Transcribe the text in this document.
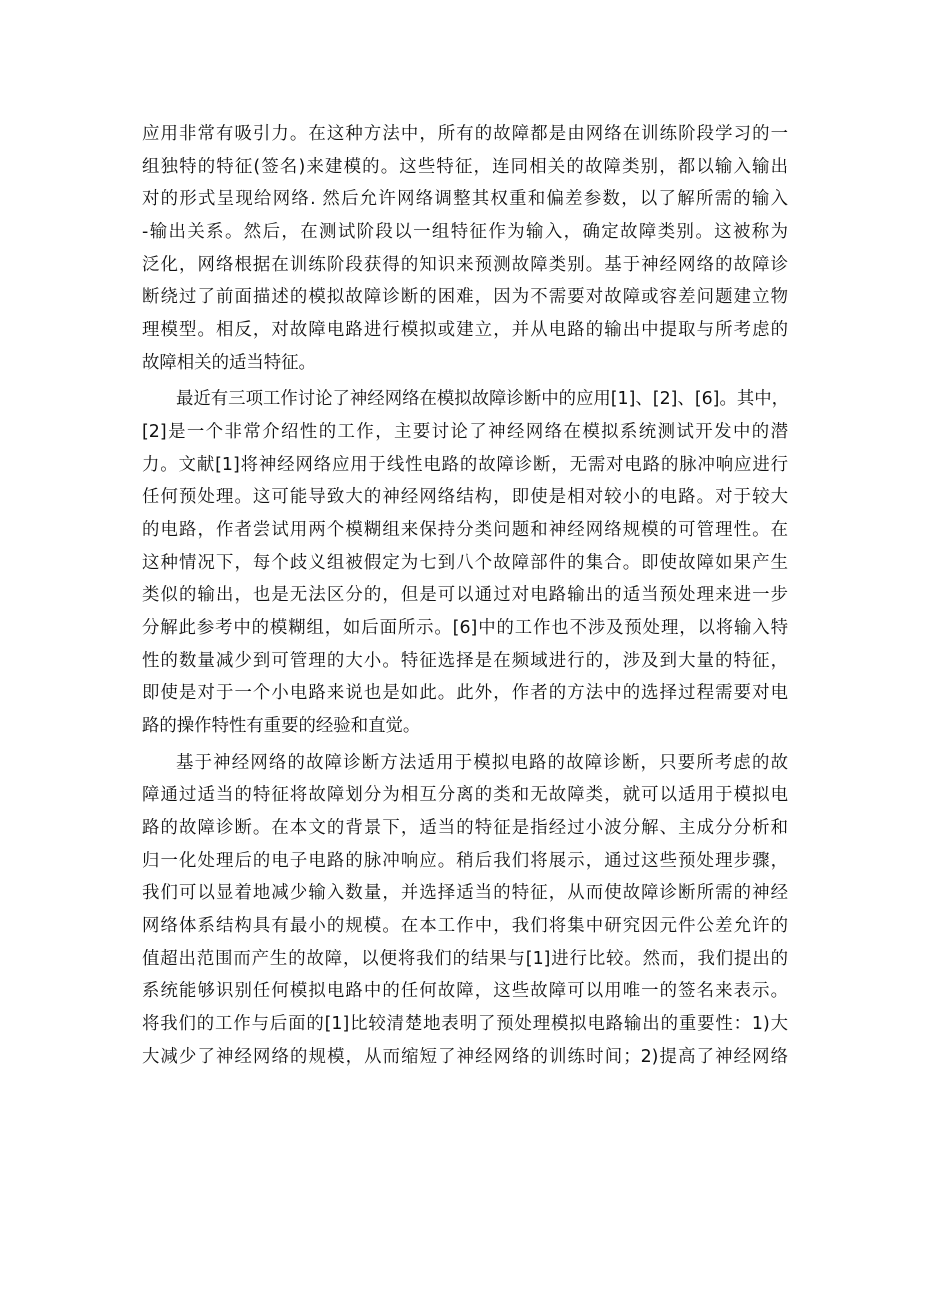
应用非常有吸引力。在这种方法中，所有的故障都是由网络在训练阶段学习的一
组独特的特征(签名)来建模的。这些特征，连同相关的故障类别，都以输入输出
对的形式呈现给网络. 然后允许网络调整其权重和偏差参数，以了解所需的输入
-输出关系。然后，在测试阶段以一组特征作为输入，确定故障类别。这被称为
泛化，网络根据在训练阶段获得的知识来预测故障类别。基于神经网络的故障诊
断绕过了前面描述的模拟故障诊断的困难，因为不需要对故障或容差问题建立物
理模型。相反，对故障电路进行模拟或建立，并从电路的输出中提取与所考虑的
故障相关的适当特征。
最近有三项工作讨论了神经网络在模拟故障诊断中的应用[1]、[2]、[6]。其中，
[2]是一个非常介绍性的工作，主要讨论了神经网络在模拟系统测试开发中的潜
力。文献[1]将神经网络应用于线性电路的故障诊断，无需对电路的脉冲响应进行
任何预处理。这可能导致大的神经网络结构，即使是相对较小的电路。对于较大
的电路，作者尝试用两个模糊组来保持分类问题和神经网络规模的可管理性。在
这种情况下，每个歧义组被假定为七到八个故障部件的集合。即使故障如果产生
类似的输出，也是无法区分的，但是可以通过对电路输出的适当预处理来进一步
分解此参考中的模糊组，如后面所示。[6]中的工作也不涉及预处理，以将输入特
性的数量减少到可管理的大小。特征选择是在频域进行的，涉及到大量的特征，
即使是对于一个小电路来说也是如此。此外，作者的方法中的选择过程需要对电
路的操作特性有重要的经验和直觉。
基于神经网络的故障诊断方法适用于模拟电路的故障诊断，只要所考虑的故
障通过适当的特征将故障划分为相互分离的类和无故障类，就可以适用于模拟电
路的故障诊断。在本文的背景下，适当的特征是指经过小波分解、主成分分析和
归一化处理后的电子电路的脉冲响应。稍后我们将展示，通过这些预处理步骤，
我们可以显着地减少输入数量，并选择适当的特征，从而使故障诊断所需的神经
网络体系结构具有最小的规模。在本工作中，我们将集中研究因元件公差允许的
值超出范围而产生的故障，以便将我们的结果与[1]进行比较。然而，我们提出的
系统能够识别任何模拟电路中的任何故障，这些故障可以用唯一的签名来表示。
将我们的工作与后面的[1]比较清楚地表明了预处理模拟电路输出的重要性：1)大
大减少了神经网络的规模，从而缩短了神经网络的训练时间；2)提高了神经网络
